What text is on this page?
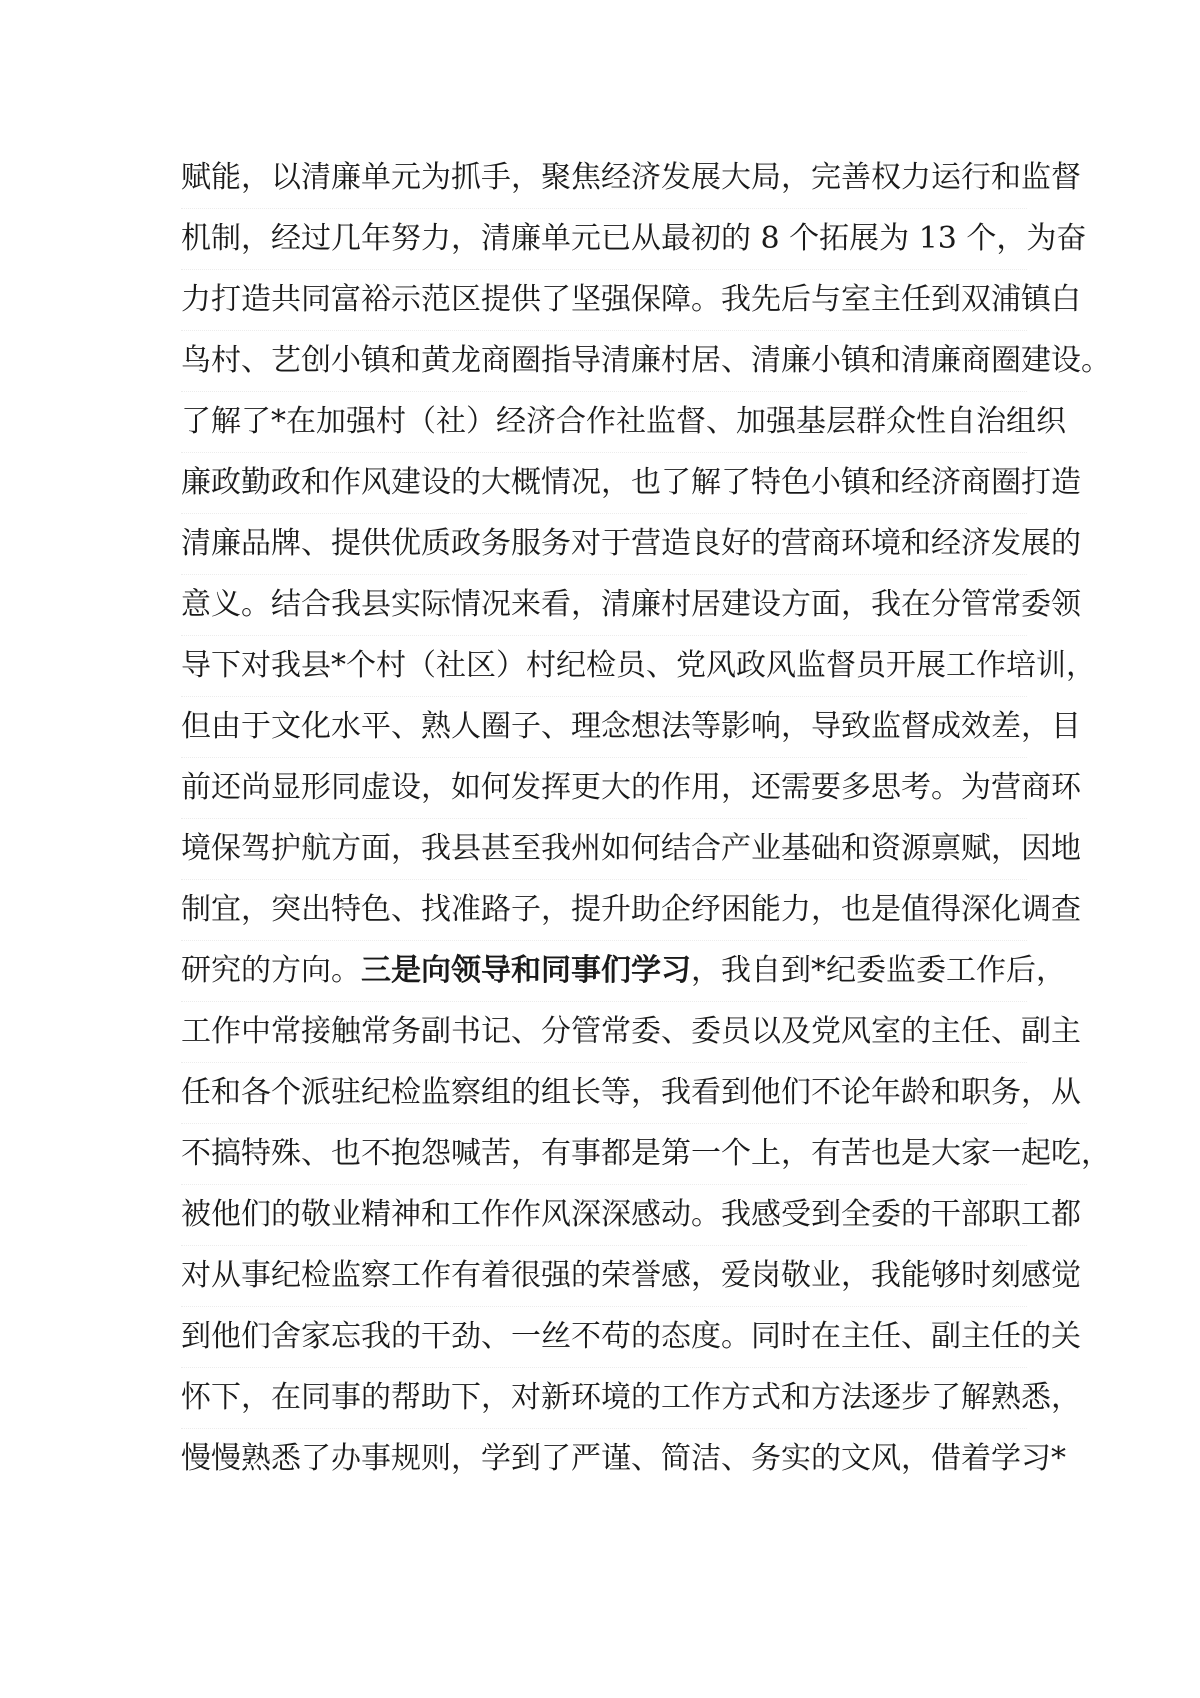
赋能，以清廉单元为抓手，聚焦经济发展大局，完善权力运行和监督
机制，经过几年努力，清廉单元已从最初的 8 个拓展为 13 个，为奋
力打造共同富裕示范区提供了坚强保障。我先后与室主任到双浦镇白
鸟村、艺创小镇和黄龙商圈指导清廉村居、清廉小镇和清廉商圈建设。
了解了*在加强村（社）经济合作社监督、加强基层群众性自治组织
廉政勤政和作风建设的大概情况，也了解了特色小镇和经济商圈打造
清廉品牌、提供优质政务服务对于营造良好的营商环境和经济发展的
意义。结合我县实际情况来看，清廉村居建设方面，我在分管常委领
导下对我县*个村（社区）村纪检员、党风政风监督员开展工作培训，
但由于文化水平、熟人圈子、理念想法等影响，导致监督成效差，目
前还尚显形同虚设，如何发挥更大的作用，还需要多思考。为营商环
境保驾护航方面，我县甚至我州如何结合产业基础和资源禀赋，因地
制宜，突出特色、找准路子，提升助企纾困能力，也是值得深化调查
研究的方向。三是向领导和同事们学习，我自到*纪委监委工作后，
工作中常接触常务副书记、分管常委、委员以及党风室的主任、副主
任和各个派驻纪检监察组的组长等，我看到他们不论年龄和职务，从
不搞特殊、也不抱怨喊苦，有事都是第一个上，有苦也是大家一起吃，
被他们的敬业精神和工作作风深深感动。我感受到全委的干部职工都
对从事纪检监察工作有着很强的荣誉感，爱岗敬业，我能够时刻感觉
到他们舍家忘我的干劲、一丝不苟的态度。同时在主任、副主任的关
怀下，在同事的帮助下，对新环境的工作方式和方法逐步了解熟悉，
慢慢熟悉了办事规则，学到了严谨、简洁、务实的文风，借着学习*
